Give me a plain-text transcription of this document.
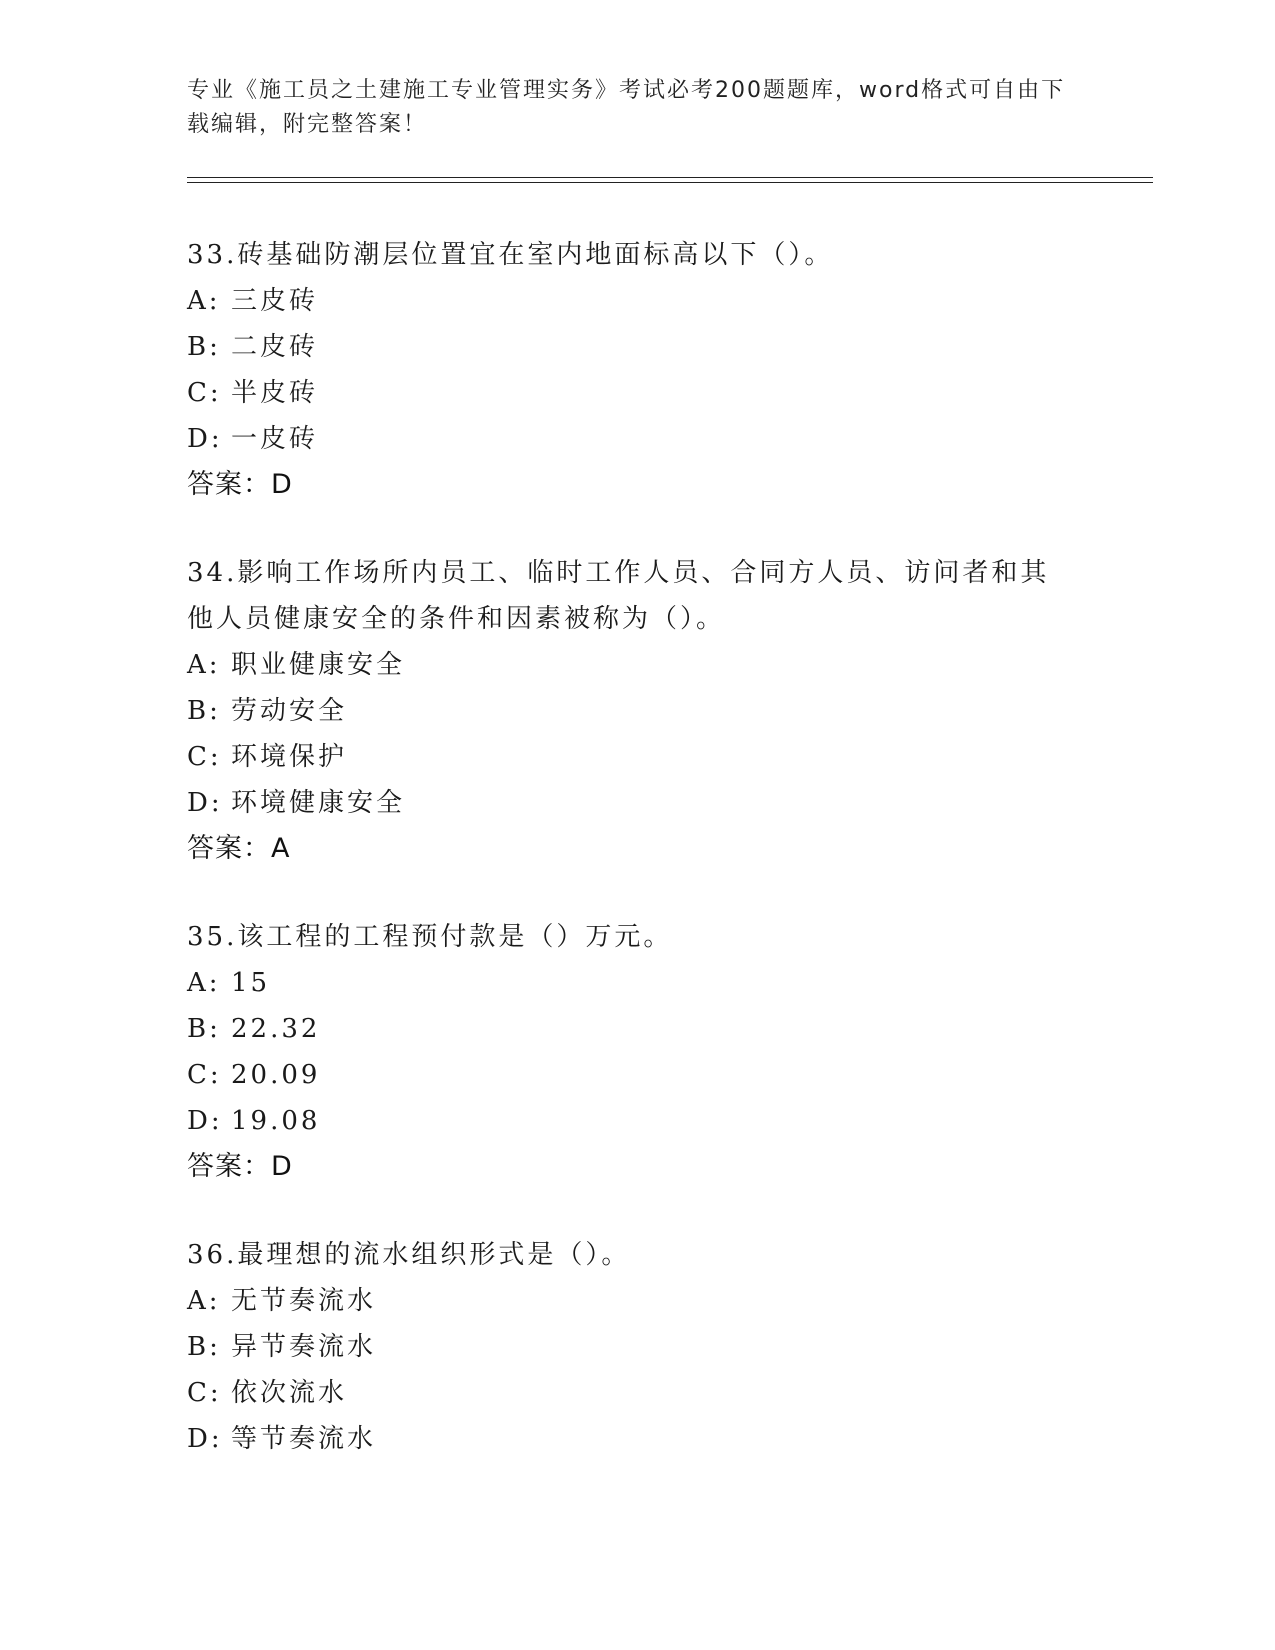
专业《施工员之土建施工专业管理实务》考试必考200题题库，word格式可自由下载编辑，附完整答案！
33.砖基础防潮层位置宜在室内地面标高以下（）。
A: 三皮砖
B: 二皮砖
C: 半皮砖
D: 一皮砖
答案：D
34.影响工作场所内员工、临时工作人员、合同方人员、访问者和其他人员健康安全的条件和因素被称为（）。
A: 职业健康安全
B: 劳动安全
C: 环境保护
D: 环境健康安全
答案：A
35.该工程的工程预付款是（）万元。
A: 15
B: 22.32
C: 20.09
D: 19.08
答案：D
36.最理想的流水组织形式是（）。
A: 无节奏流水
B: 异节奏流水
C: 依次流水
D: 等节奏流水
